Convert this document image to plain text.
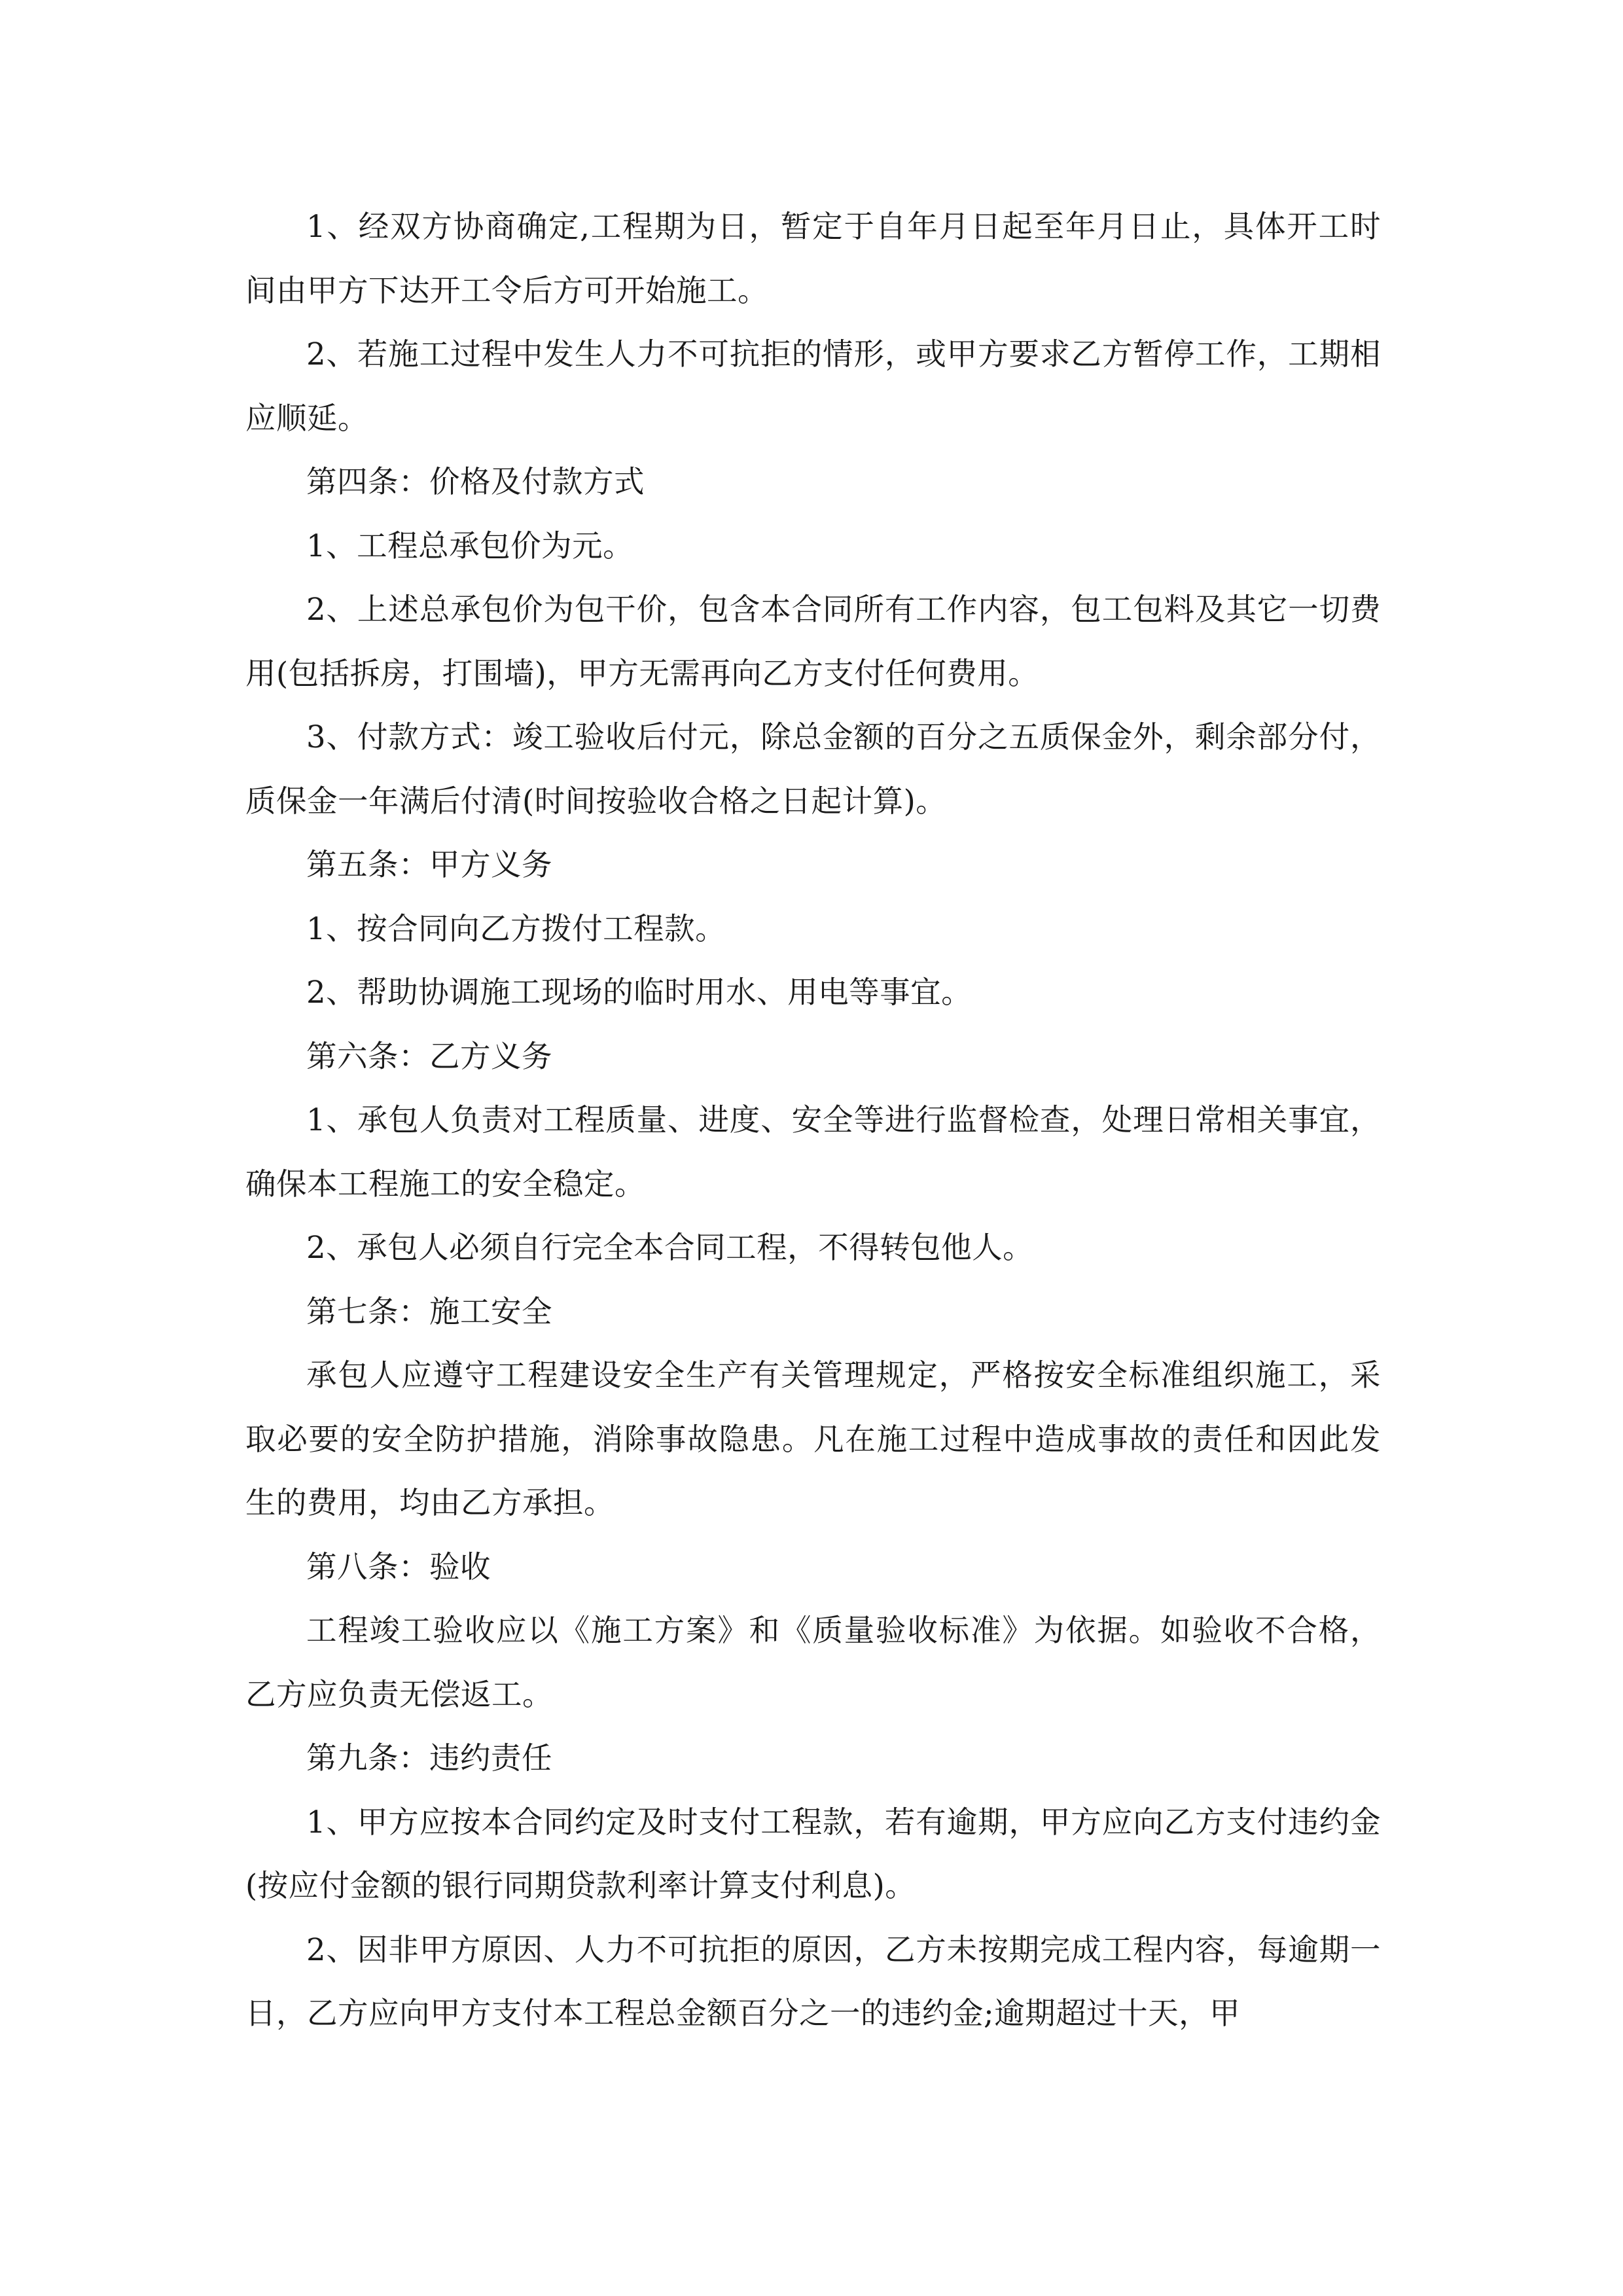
1、经双方协商确定,工程期为日，暂定于自年月日起至年月日止，具体开工时间由甲方下达开工令后方可开始施工。

2、若施工过程中发生人力不可抗拒的情形，或甲方要求乙方暂停工作，工期相应顺延。

第四条：价格及付款方式

1、工程总承包价为元。

2、上述总承包价为包干价，包含本合同所有工作内容，包工包料及其它一切费用(包括拆房，打围墙)，甲方无需再向乙方支付任何费用。

3、付款方式：竣工验收后付元，除总金额的百分之五质保金外，剩余部分付，质保金一年满后付清(时间按验收合格之日起计算)。

第五条：甲方义务

1、按合同向乙方拨付工程款。

2、帮助协调施工现场的临时用水、用电等事宜。

第六条：乙方义务

1、承包人负责对工程质量、进度、安全等进行监督检查，处理日常相关事宜，确保本工程施工的安全稳定。

2、承包人必须自行完全本合同工程，不得转包他人。

第七条：施工安全

承包人应遵守工程建设安全生产有关管理规定，严格按安全标准组织施工，采取必要的安全防护措施，消除事故隐患。凡在施工过程中造成事故的责任和因此发生的费用，均由乙方承担。

第八条：验收

工程竣工验收应以《施工方案》和《质量验收标准》为依据。如验收不合格，乙方应负责无偿返工。

第九条：违约责任

1、甲方应按本合同约定及时支付工程款，若有逾期，甲方应向乙方支付违约金(按应付金额的银行同期贷款利率计算支付利息)。

2、因非甲方原因、人力不可抗拒的原因，乙方未按期完成工程内容，每逾期一日，乙方应向甲方支付本工程总金额百分之一的违约金;逾期超过十天，甲
